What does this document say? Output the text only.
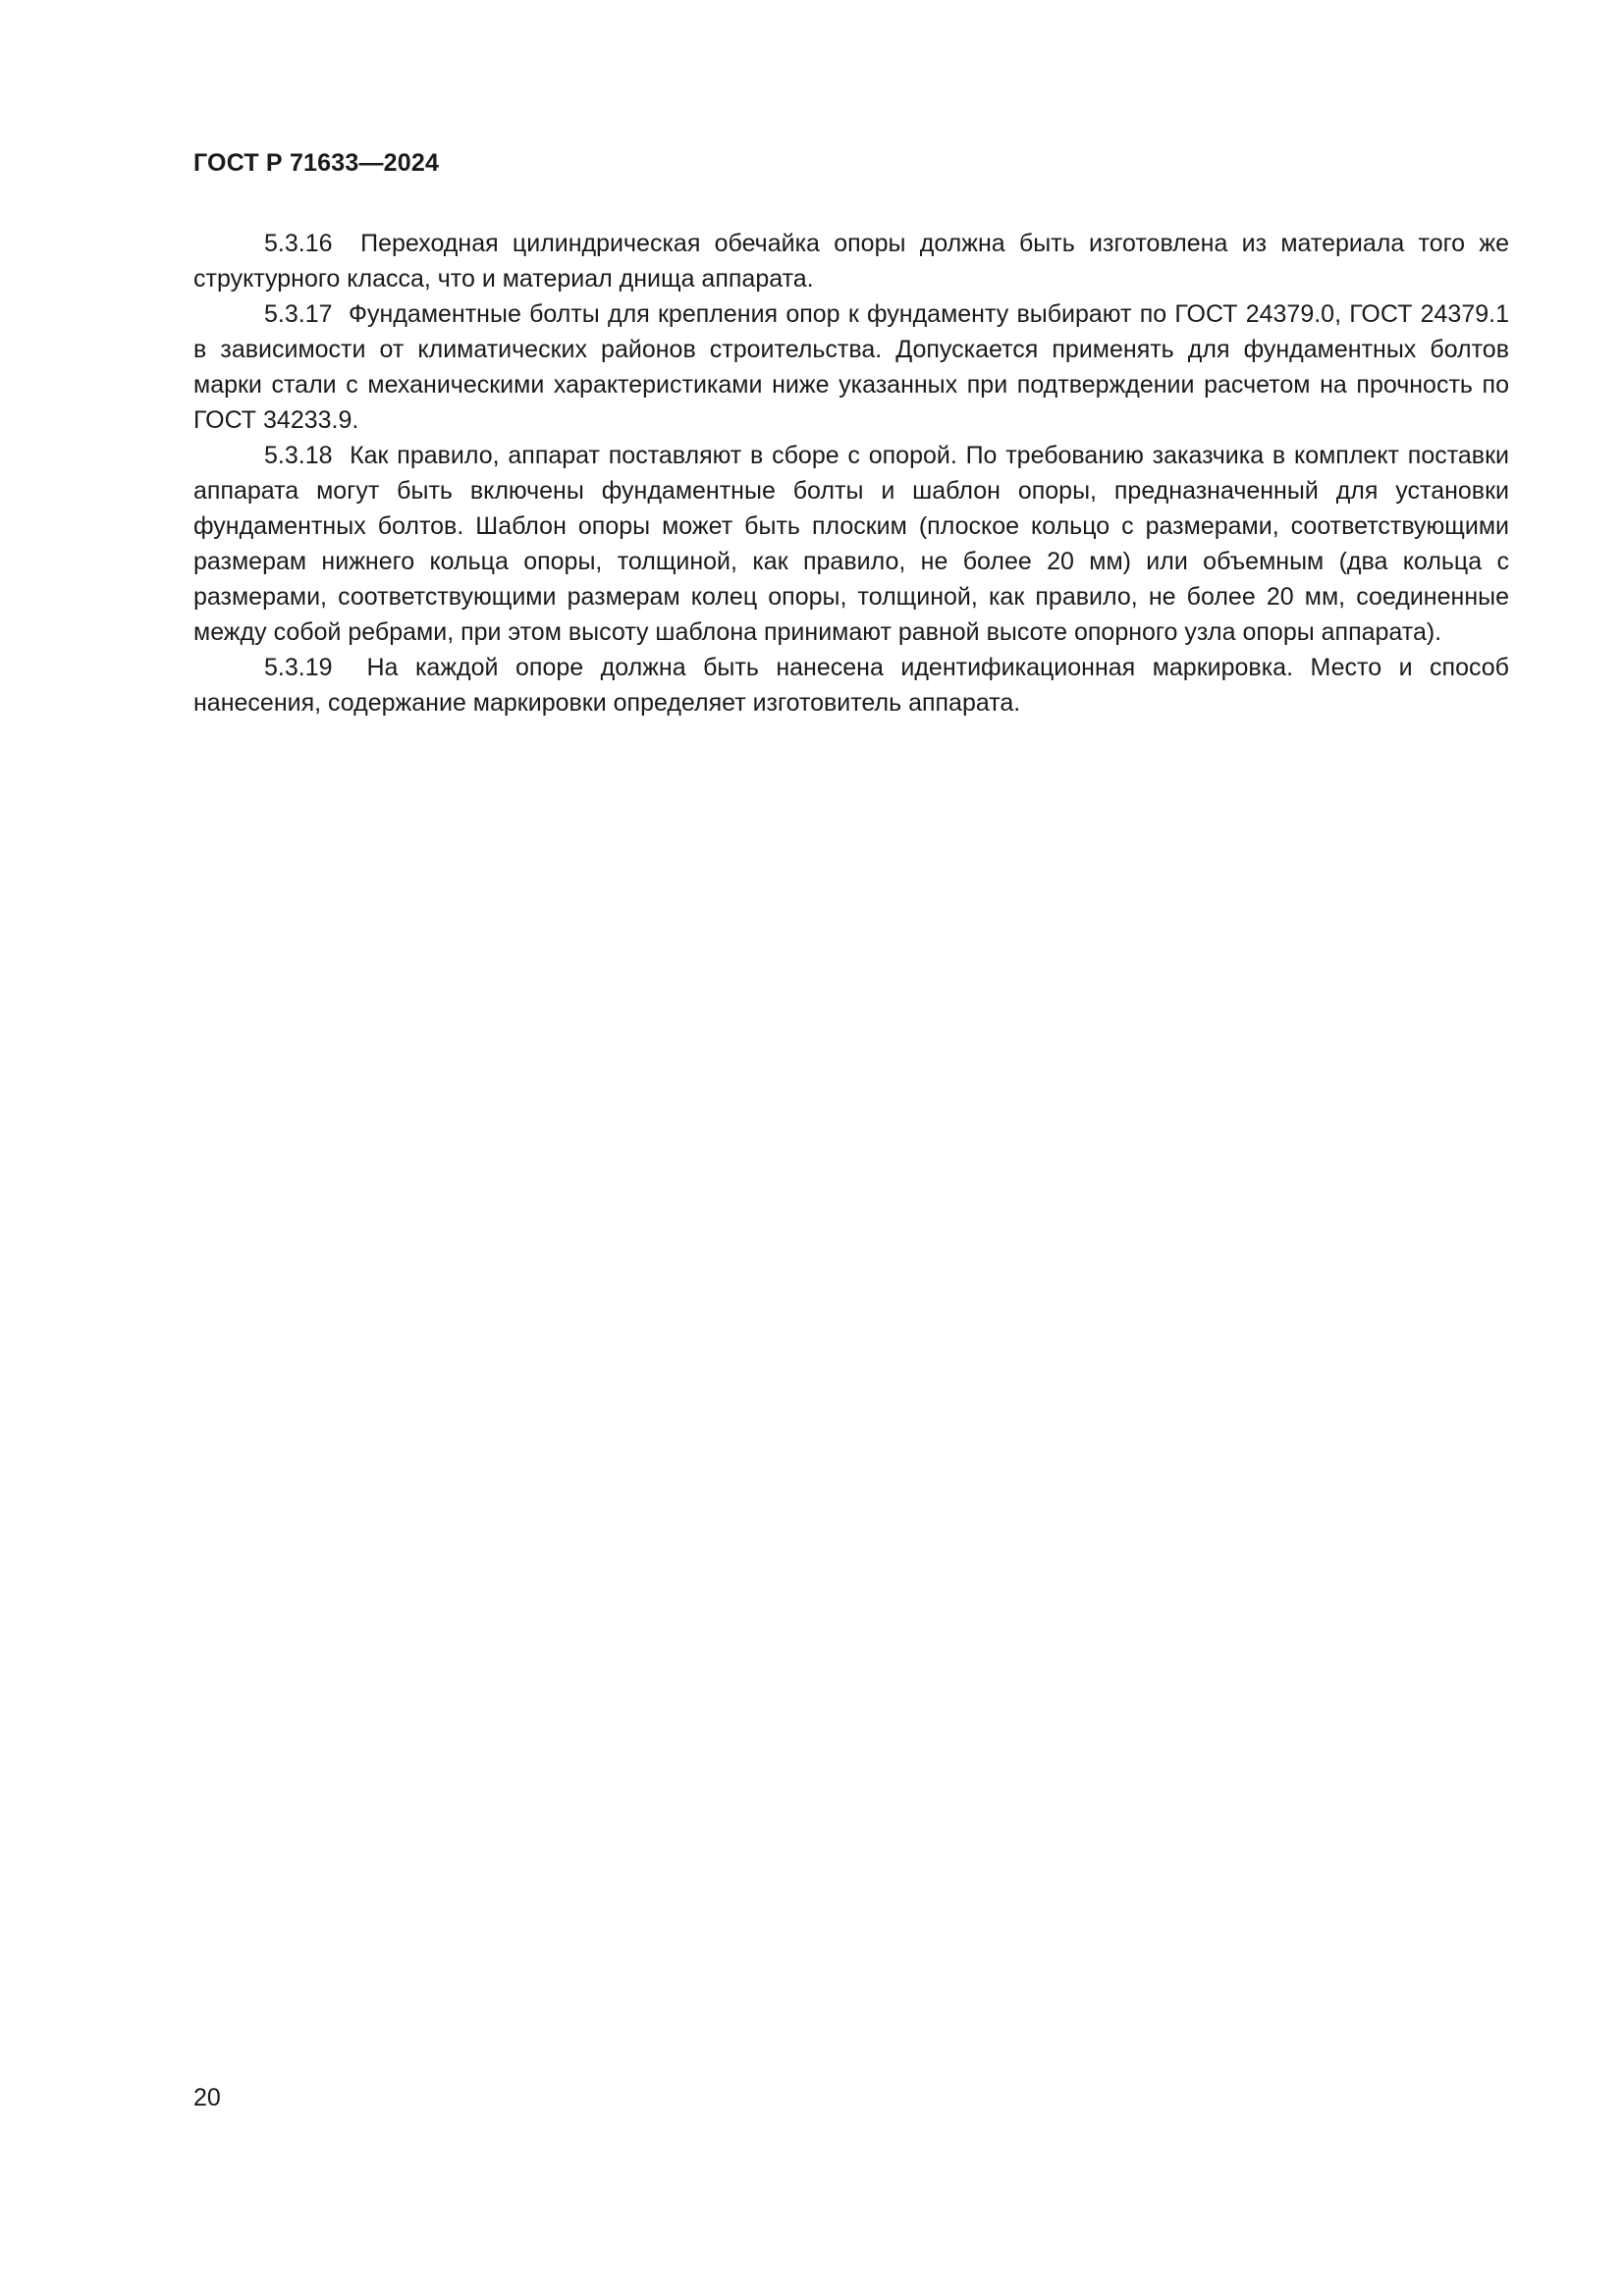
ГОСТ Р 71633—2024

5.3.16 Переходная цилиндрическая обечайка опоры должна быть изготовлена из материала того же структурного класса, что и материал днища аппарата.

5.3.17 Фундаментные болты для крепления опор к фундаменту выбирают по ГОСТ 24379.0, ГОСТ 24379.1 в зависимости от климатических районов строительства. Допускается применять для фундаментных болтов марки стали с механическими характеристиками ниже указанных при подтверждении расчетом на прочность по ГОСТ 34233.9.

5.3.18 Как правило, аппарат поставляют в сборе с опорой. По требованию заказчика в комплект поставки аппарата могут быть включены фундаментные болты и шаблон опоры, предназначенный для установки фундаментных болтов. Шаблон опоры может быть плоским (плоское кольцо с размерами, соответствующими размерам нижнего кольца опоры, толщиной, как правило, не более 20 мм) или объемным (два кольца с размерами, соответствующими размерам колец опоры, толщиной, как правило, не более 20 мм, соединенные между собой ребрами, при этом высоту шаблона принимают равной высоте опорного узла опоры аппарата).

5.3.19 На каждой опоре должна быть нанесена идентификационная маркировка. Место и способ нанесения, содержание маркировки определяет изготовитель аппарата.

20
